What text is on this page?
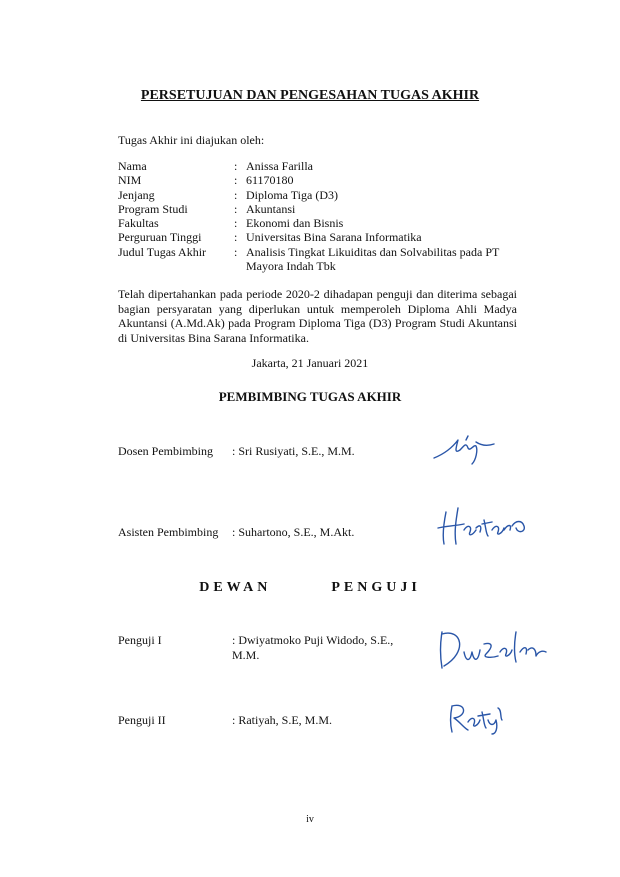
PERSETUJUAN DAN PENGESAHAN TUGAS AKHIR
Tugas Akhir ini diajukan oleh:
Nama	: Anissa Farilla
NIM	: 61170180
Jenjang	: Diploma Tiga (D3)
Program Studi	: Akuntansi
Fakultas	: Ekonomi dan Bisnis
Perguruan Tinggi	: Universitas Bina Sarana Informatika
Judul Tugas Akhir	: Analisis Tingkat Likuiditas dan Solvabilitas pada PT Mayora Indah Tbk
Telah dipertahankan pada periode 2020-2 dihadapan penguji dan diterima sebagai bagian persyaratan yang diperlukan untuk memperoleh Diploma Ahli Madya Akuntansi (A.Md.Ak) pada Program Diploma Tiga (D3) Program Studi Akuntansi di Universitas Bina Sarana Informatika.
Jakarta, 21 Januari 2021
PEMBIMBING TUGAS AKHIR
Dosen Pembimbing	: Sri Rusiyati, S.E., M.M.
Asisten Pembimbing	: Suhartono, S.E., M.Akt.
DEWAN	PENGUJI
Penguji I	: Dwiyatmoko Puji Widodo, S.E., M.M.
Penguji II	: Ratiyah, S.E, M.M.
iv
